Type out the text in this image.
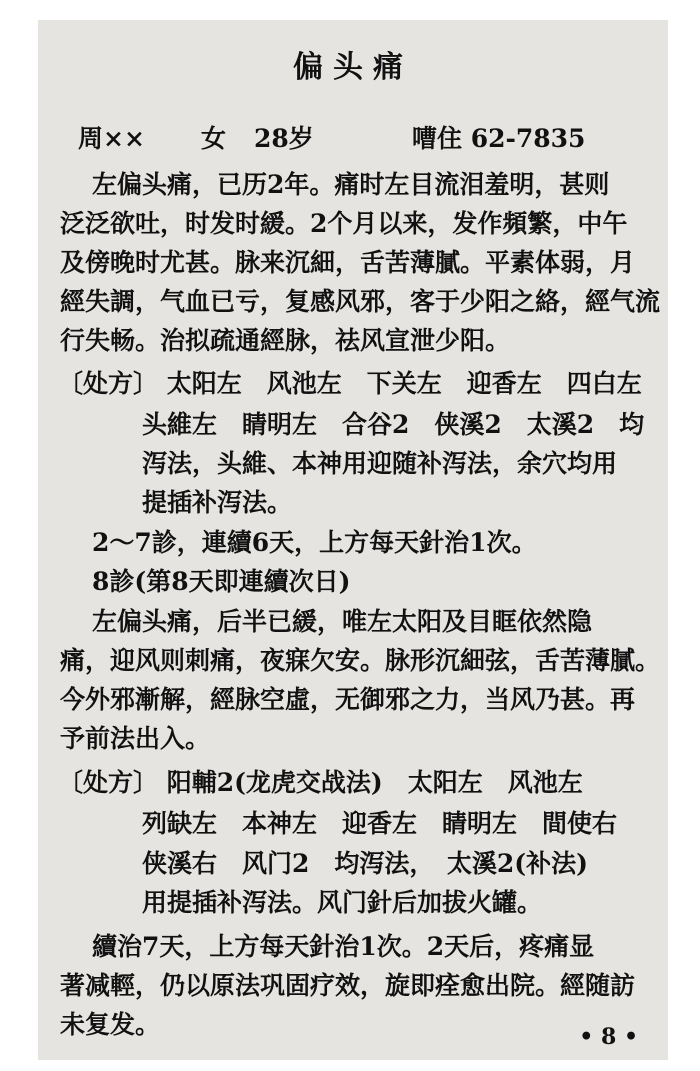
偏头痛
周×× 女 28岁	嘈住 62-7835
左偏头痛，已历2年。痛时左目流泪羞明，甚则
泛泛欲吐，时发时緩。2个月以来，发作頻繁，中午
及傍晚时尤甚。脉来沉細，舌苦薄膩。平素体弱，月
經失調，气血已亏，复感风邪，客于少阳之絡，經气流
行失畅。治拟疏通經脉，祛风宣泄少阳。
〔处方〕 太阳左　风池左　下关左　迎香左　四白左
头維左　睛明左　合谷2　侠溪2　太溪2　均
泻法，头維、本神用迎随补泻法，余穴均用
提插补泻法。
2～7診，連續6天，上方每天針治1次。
8診(第8天即連續次日)
左偏头痛，后半已緩，唯左太阳及目眶依然隐
痛，迎风则刺痛，夜寐欠安。脉形沉細弦，舌苦薄膩。
今外邪漸解，經脉空虛，无御邪之力，当风乃甚。再
予前法出入。
〔处方〕 阳輔2(龙虎交战法)　太阳左　风池左
列缺左　本神左　迎香左　睛明左　間使右
侠溪右　风门2　均泻法，　太溪2(补法)
用提插补泻法。风门針后加拔火罐。
續治7天，上方每天針治1次。2天后，疼痛显
著减輕，仍以原法巩固疗效，旋即痊愈出院。經随訪
未复发。	• 8 •
